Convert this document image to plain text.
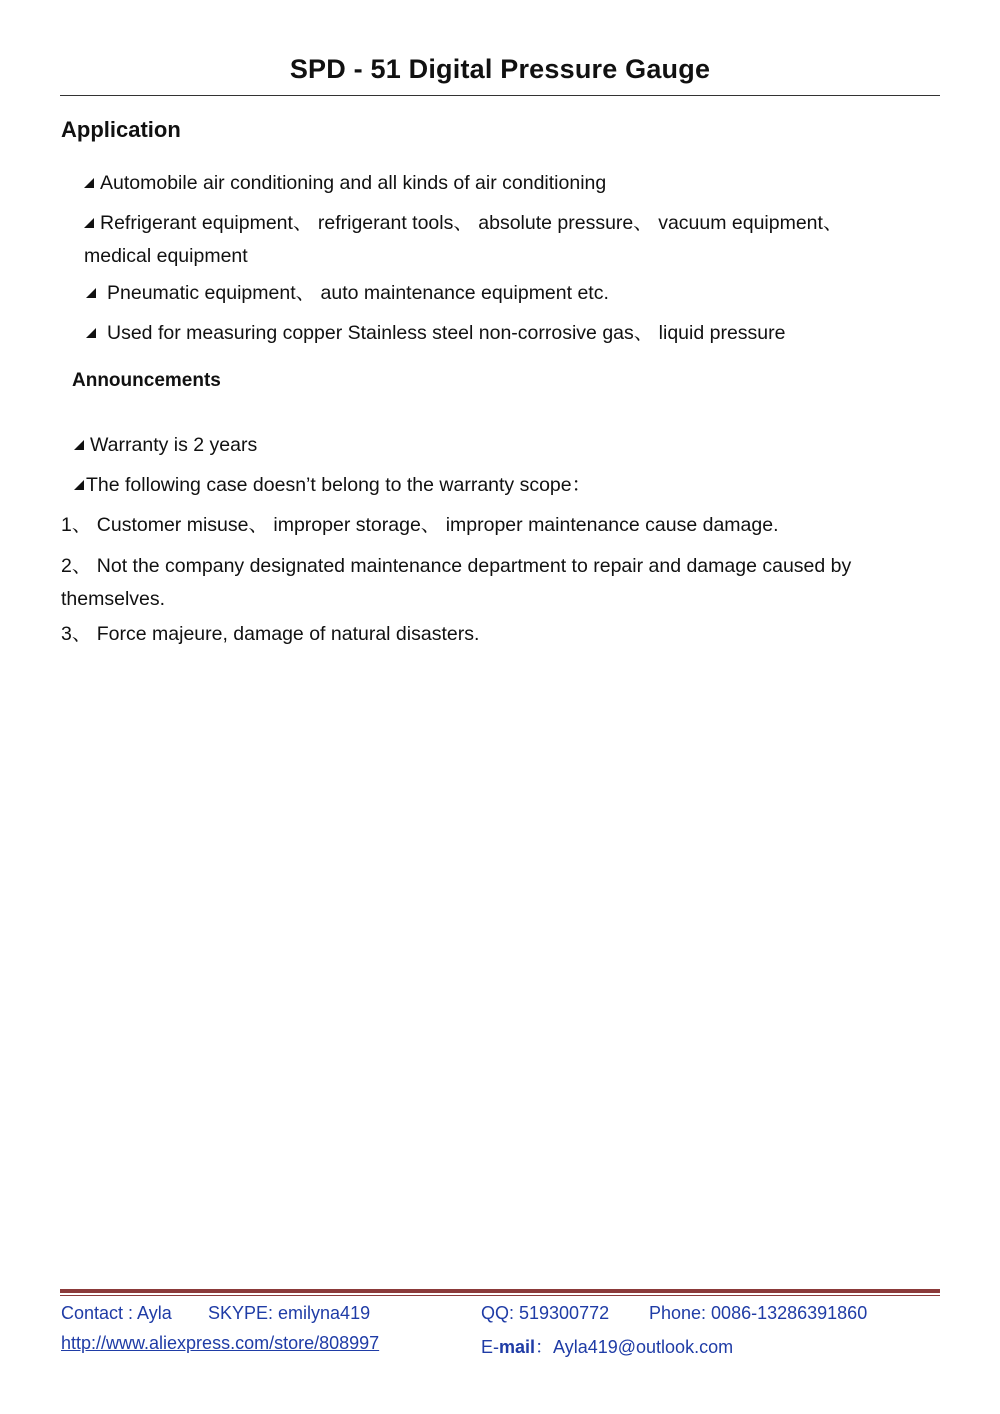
SPD - 51 Digital Pressure Gauge
Application

Automobile air conditioning and all kinds of air conditioning

Refrigerant equipment、 refrigerant tools、 absolute pressure、 vacuum equipment、

medical equipment

Pneumatic equipment、 auto maintenance equipment etc.

Used for measuring copper Stainless steel non-corrosive gas、 liquid pressure

Announcements

Warranty is 2 years

The following case doesn’t belong to the warranty scope：

1、 Customer misuse、 improper storage、 improper maintenance cause damage.

2、 Not the company designated maintenance department to repair and damage caused by

themselves.

3、 Force majeure, damage of natural disasters.

Contact : Ayla SKYPE: emilyna419	QQ: 519300772 Phone: 0086-13286391860

http://www.aliexpress.com/store/808997	E-mail：Ayla419@outlook.com
